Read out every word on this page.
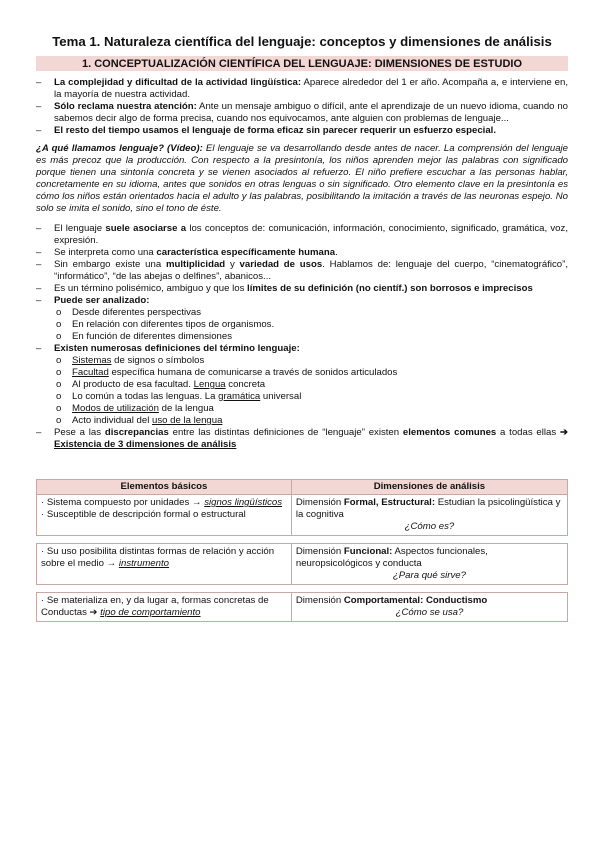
Tema 1. Naturaleza científica del lenguaje: conceptos y dimensiones de análisis
1. CONCEPTUALIZACIÓN CIENTÍFICA DEL LENGUAJE: DIMENSIONES DE ESTUDIO
–	La complejidad y dificultad de la actividad lingüística: Aparece alrededor del 1 er año. Acompaña a, e interviene en, la mayoría de nuestra actividad.
–	Sólo reclama nuestra atención: Ante un mensaje ambiguo o difícil, ante el aprendizaje de un nuevo idioma, cuando no sabemos decir algo de forma precisa, cuando nos equivocamos, ante alguien con problemas de lenguaje...
–	El resto del tiempo usamos el lenguaje de forma eficaz sin parecer requerir un esfuerzo especial.
¿A qué llamamos lenguaje? (Vídeo): El lenguaje se va desarrollando desde antes de nacer. La comprensión del lenguaje es más precoz que la producción. Con respecto a la presintonía, los niños aprenden mejor las palabras con significado porque tienen una sintonía concreta y se vienen asociados al refuerzo. El niño prefiere escuchar a las personas hablar, concretamente en su idioma, antes que sonidos en otras lenguas o sin significado. Otro elemento clave en la presintonía es cómo los niños están orientados hacia el adulto y las palabras, posibilitando la imitación a través de las neuronas espejo. No solo se imita el sonido, sino el tono de éste.
–	El lenguaje suele asociarse a los conceptos de: comunicación, información, conocimiento, significado, gramática, voz, expresión.
–	Se interpreta como una característica específicamente humana.
–	Sin embargo existe una multiplicidad y variedad de usos. Hablamos de: lenguaje del cuerpo, “cinematográfico”, “informático”, “de las abejas o delfines”, abanicos...
–	Es un término polisémico, ambiguo y que los límites de su definición (no científ.) son borrosos e imprecisos
–	Puede ser analizado:
o	Desde diferentes perspectivas
o	En relación con diferentes tipos de organismos.
o	En función de diferentes dimensiones
–	Existen numerosas definiciones del término lenguaje:
o	Sistemas de signos o símbolos
o	Facultad específica humana de comunicarse a través de sonidos articulados
o	Al producto de esa facultad. Lengua concreta
o	Lo común a todas las lenguas. La gramática universal
o	Modos de utilización de la lengua
o	Acto individual del uso de la lengua
–	Pese a las discrepancias entre las distintas definiciones de “lenguaje” existen elementos comunes a todas ellas ➔ Existencia de 3 dimensiones de análisis
Elementos básicos	Dimensiones de análisis
· Sistema compuesto por unidades → signos lingüísticos
· Susceptible de descripción formal o estructural	Dimensión Formal, Estructural: Estudian la psicolingüística y la cognitiva
¿Cómo es?

· Su uso posibilita distintas formas de relación y acción sobre el medio → instrumento	Dimensión Funcional: Aspectos funcionales, neuropsicológicos y conducta
¿Para qué sirve?

· Se materializa en, y da lugar a, formas concretas de Conductas ➔ tipo de comportamiento	Dimensión Comportamental: Conductismo
¿Cómo se usa?
